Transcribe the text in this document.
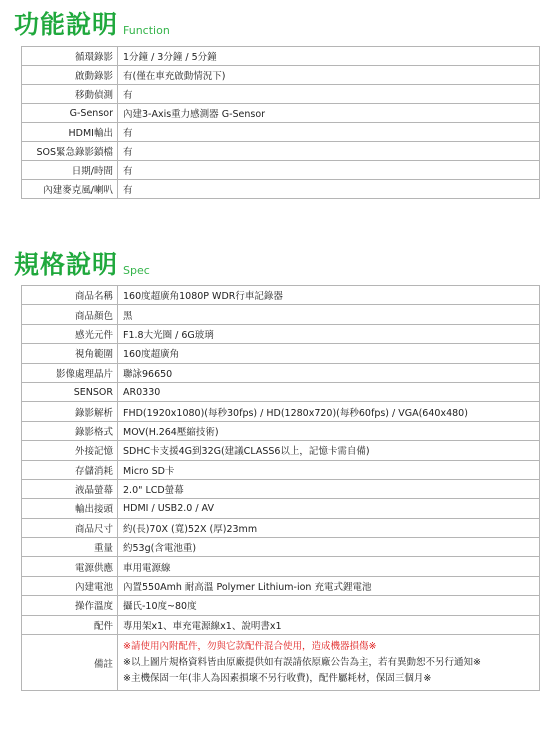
功能說明 Function
循環錄影	1分鐘 / 3分鐘 / 5分鐘
啟動錄影	有(僅在車充啟動情況下)
移動偵測	有
G-Sensor	內建3-Axis重力感測器 G-Sensor
HDMI輸出	有
SOS緊急錄影鎖檔	有
日期/時間	有
內建麥克風/喇叭	有
規格說明 Spec
商品名稱	160度超廣角1080P WDR行車記錄器
商品顏色	黑
感光元件	F1.8大光圈 / 6G玻璃
視角範圍	160度超廣角
影像處理晶片	聯詠96650
SENSOR	AR0330
錄影解析	FHD(1920x1080)(每秒30fps) / HD(1280x720)(每秒60fps) / VGA(640x480)
錄影格式	MOV(H.264壓縮技術)
外接記憶	SDHC卡支援4G到32G(建議CLASS6以上，記憶卡需自備)
存儲消耗	Micro SD卡
液晶螢幕	2.0" LCD螢幕
輸出接頭	HDMI / USB2.0 / AV
商品尺寸	約(長)70X (寬)52X (厚)23mm
重量	約53g(含電池重)
電源供應	車用電源線
內建電池	內置550Amh 耐高溫 Polymer Lithium-ion 充電式鋰電池
操作溫度	攝氏-10度~80度
配件	專用架x1、車充電源線x1、說明書x1
備註	※請使用內附配件，勿與它款配件混合使用，造成機器損傷※
※以上圖片規格資料皆由原廠提供如有誤請依原廠公告為主，若有異動恕不另行通知※
※主機保固一年(非人為因素損壞不另行收費)，配件屬耗材，保固三個月※
